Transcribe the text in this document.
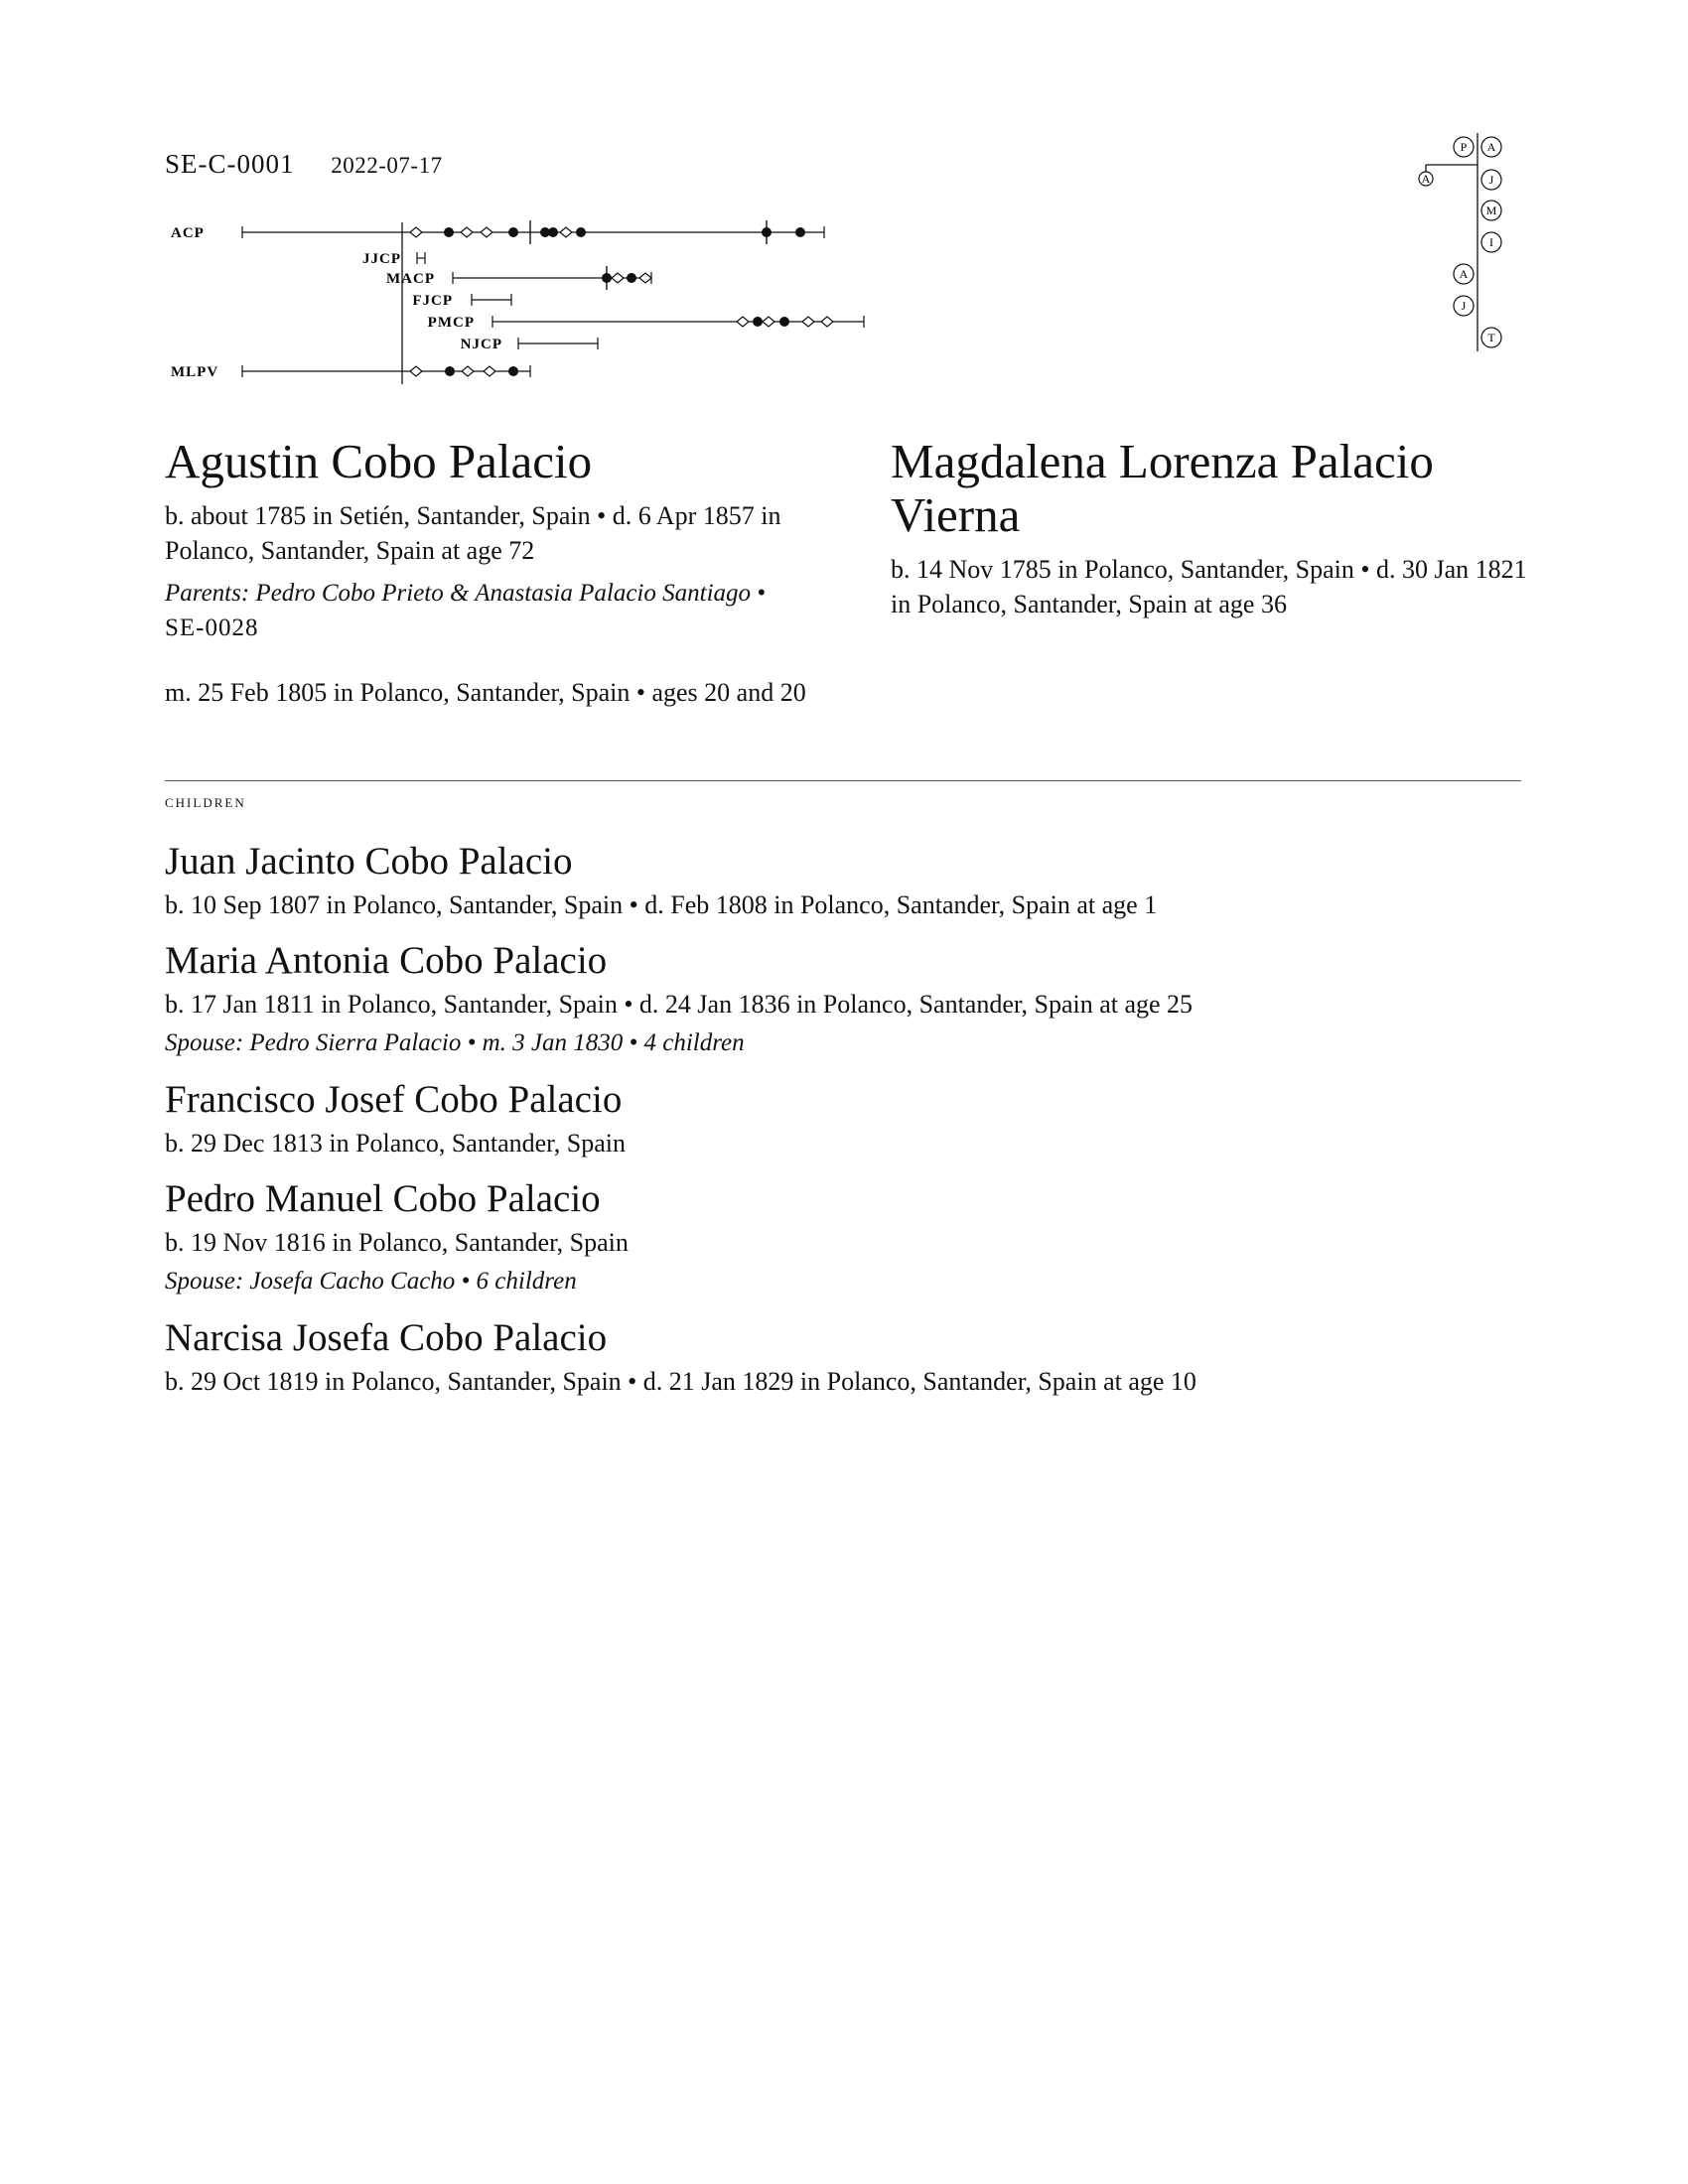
SE-C-0001 2022-07-17
ACP
JJCP
MACP
FJCP
PMCP
NJCP
MLPV
P A
A	J
M
I
A
J
T
Agustin Cobo Palacio
b. about 1785 in Setién, Santander, Spain • d. 6 Apr 1857 in Polanco, Santander, Spain at age 72
Parents: Pedro Cobo Prieto & Anastasia Palacio Santiago • SE-0028
Magdalena Lorenza Palacio Vierna
b. 14 Nov 1785 in Polanco, Santander, Spain • d. 30 Jan 1821 in Polanco, Santander, Spain at age 36
m. 25 Feb 1805 in Polanco, Santander, Spain • ages 20 and 20
children
Juan Jacinto Cobo Palacio
b. 10 Sep 1807 in Polanco, Santander, Spain • d. Feb 1808 in Polanco, Santander, Spain at age 1
Maria Antonia Cobo Palacio
b. 17 Jan 1811 in Polanco, Santander, Spain • d. 24 Jan 1836 in Polanco, Santander, Spain at age 25
Spouse: Pedro Sierra Palacio • m. 3 Jan 1830 • 4 children
Francisco Josef Cobo Palacio
b. 29 Dec 1813 in Polanco, Santander, Spain
Pedro Manuel Cobo Palacio
b. 19 Nov 1816 in Polanco, Santander, Spain
Spouse: Josefa Cacho Cacho • 6 children
Narcisa Josefa Cobo Palacio
b. 29 Oct 1819 in Polanco, Santander, Spain • d. 21 Jan 1829 in Polanco, Santander, Spain at age 10
